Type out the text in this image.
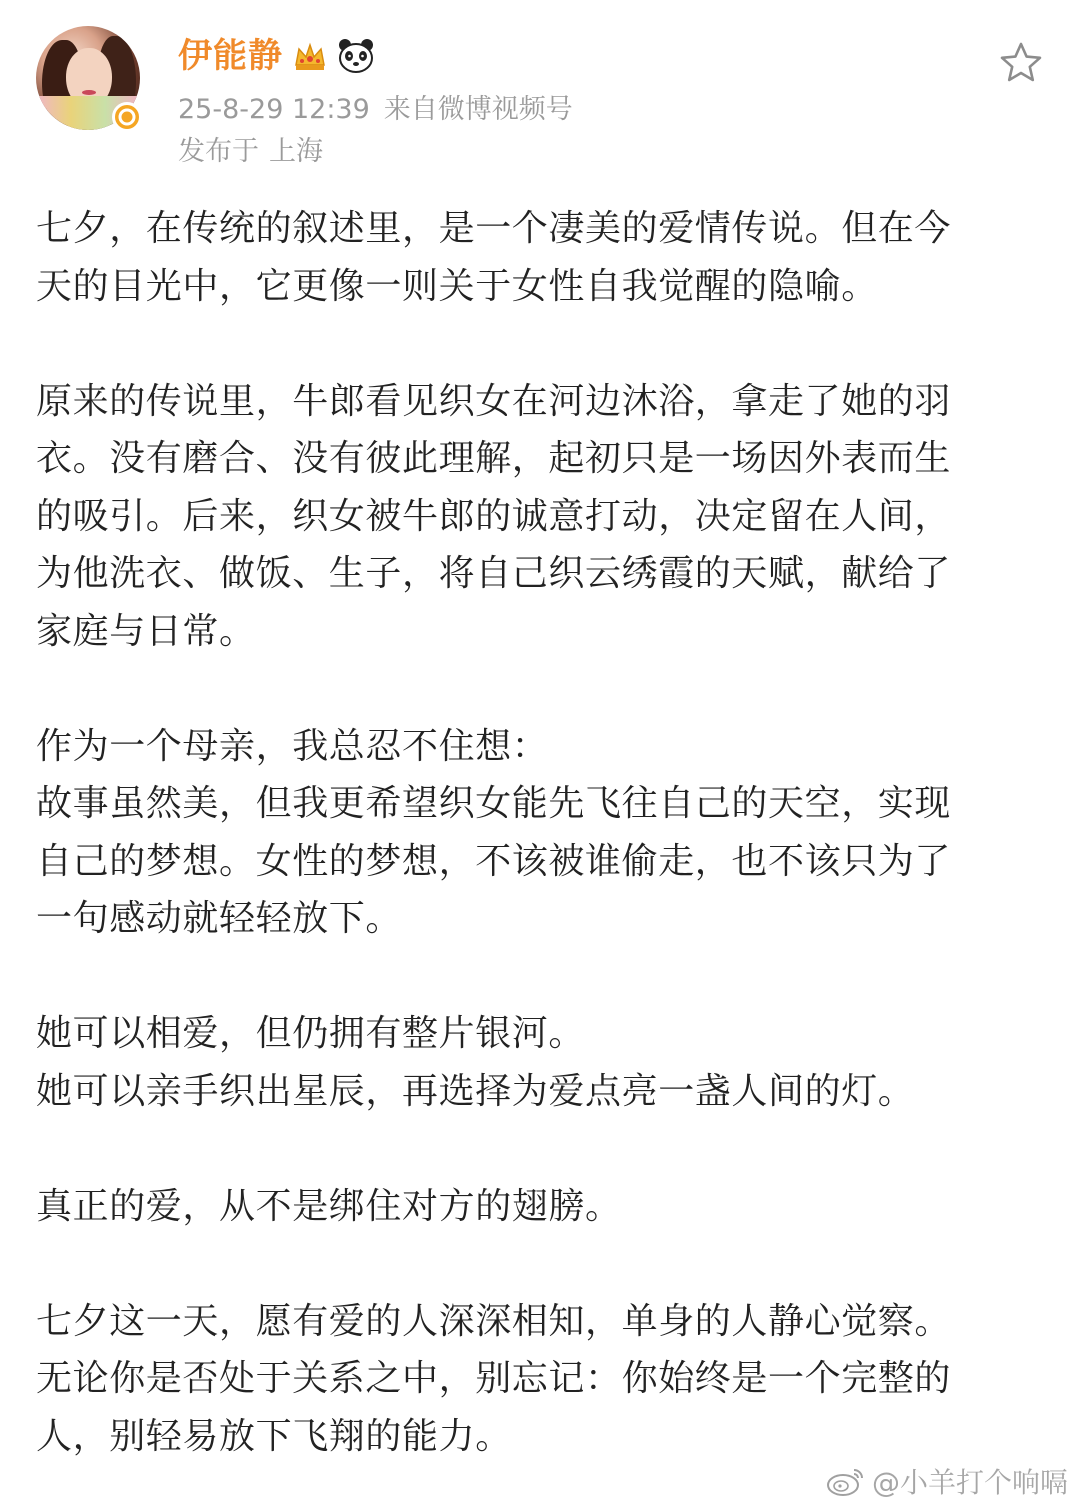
伊能静
25-8-29 12:39 来自微博视频号
发布于 上海

七夕，在传统的叙述里，是一个凄美的爱情传说。但在今
天的目光中，它更像一则关于女性自我觉醒的隐喻。

原来的传说里，牛郎看见织女在河边沐浴，拿走了她的羽
衣。没有磨合、没有彼此理解，起初只是一场因外表而生
的吸引。后来，织女被牛郎的诚意打动，决定留在人间，
为他洗衣、做饭、生子，将自己织云绣霞的天赋，献给了
家庭与日常。

作为一个母亲，我总忍不住想：
故事虽然美，但我更希望织女能先飞往自己的天空，实现
自己的梦想。女性的梦想，不该被谁偷走，也不该只为了
一句感动就轻轻放下。

她可以相爱，但仍拥有整片银河。
她可以亲手织出星辰，再选择为爱点亮一盏人间的灯。

真正的爱，从不是绑住对方的翅膀。

七夕这一天，愿有爱的人深深相知，单身的人静心觉察。
无论你是否处于关系之中，别忘记：你始终是一个完整的
人，别轻易放下飞翔的能力。

@小羊打个响嗝
